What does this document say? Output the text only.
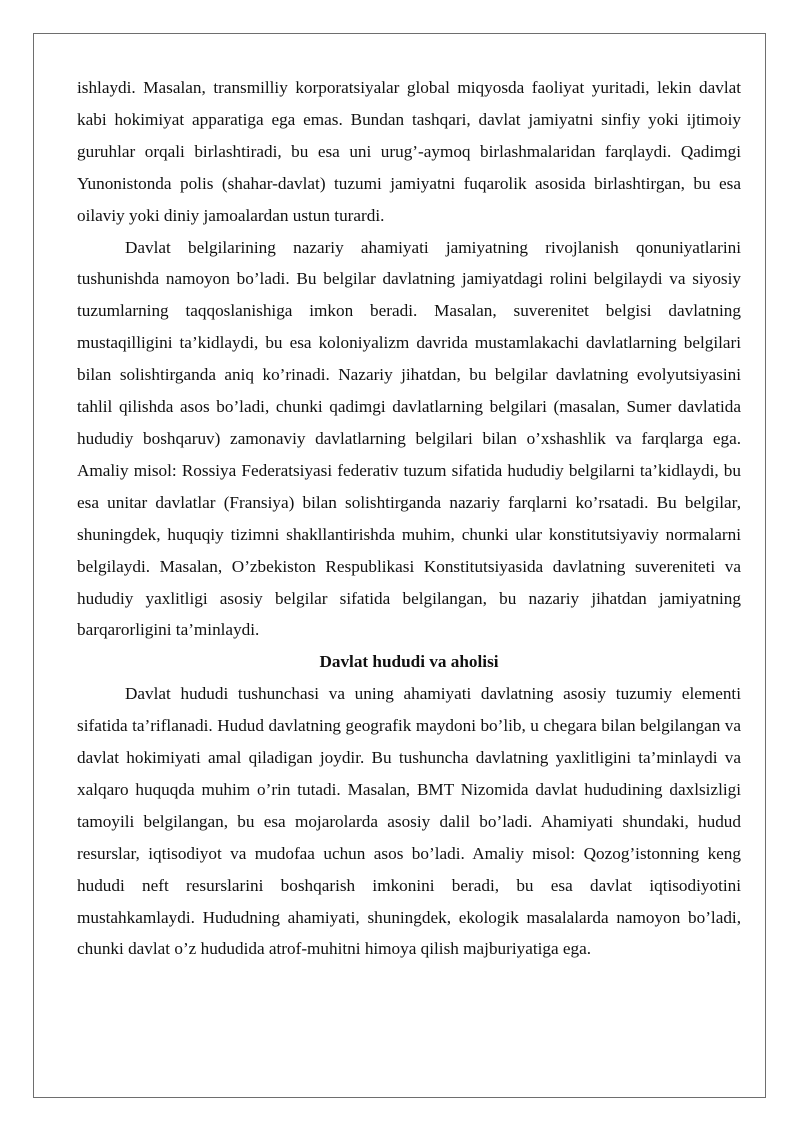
ishlaydi. Masalan, transmilliy korporatsiyalar global miqyosda faoliyat yuritadi, lekin davlat kabi hokimiyat apparatiga ega emas. Bundan tashqari, davlat jamiyatni sinfiy yoki ijtimoiy guruhlar orqali birlashtiradi, bu esa uni urug’-aymoq birlashmalaridan farqlaydi. Qadimgi Yunonistonda polis (shahar-davlat) tuzumi jamiyatni fuqarolik asosida birlashtirgan, bu esa oilaviy yoki diniy jamoalardan ustun turardi.

Davlat belgilarining nazariy ahamiyati jamiyatning rivojlanish qonuniyatlarini tushunishda namoyon bo’ladi. Bu belgilar davlatning jamiyatdagi rolini belgilaydi va siyosiy tuzumlarning taqqoslanishiga imkon beradi. Masalan, suverenitet belgisi davlatning mustaqilligini ta’kidlaydi, bu esa koloniyalizm davrida mustamlakachi davlatlarning belgilari bilan solishtirganda aniq ko’rinadi. Nazariy jihatdan, bu belgilar davlatning evolyutsiyasini tahlil qilishda asos bo’ladi, chunki qadimgi davlatlarning belgilari (masalan, Sumer davlatida hududiy boshqaruv) zamonaviy davlatlarning belgilari bilan o’xshashlik va farqlarga ega. Amaliy misol: Rossiya Federatsiyasi federativ tuzum sifatida hududiy belgilarni ta’kidlaydi, bu esa unitar davlatlar (Fransiya) bilan solishtirganda nazariy farqlarni ko’rsatadi. Bu belgilar, shuningdek, huquqiy tizimni shakllantirishda muhim, chunki ular konstitutsiyaviy normalarni belgilaydi. Masalan, O’zbekiston Respublikasi Konstitutsiyasida davlatning suvereniteti va hududiy yaxlitligi asosiy belgilar sifatida belgilangan, bu nazariy jihatdan jamiyatning barqarorligini ta’minlaydi.

Davlat hududi va aholisi

Davlat hududi tushunchasi va uning ahamiyati davlatning asosiy tuzumiy elementi sifatida ta’riflanadi. Hudud davlatning geografik maydoni bo’lib, u chegara bilan belgilangan va davlat hokimiyati amal qiladigan joydir. Bu tushuncha davlatning yaxlitligini ta’minlaydi va xalqaro huquqda muhim o’rin tutadi. Masalan, BMT Nizomida davlat hududining daxlsizligi tamoyili belgilangan, bu esa mojarolarda asosiy dalil bo’ladi. Ahamiyati shundaki, hudud resurslar, iqtisodiyot va mudofaa uchun asos bo’ladi. Amaliy misol: Qozog’istonning keng hududi neft resurslarini boshqarish imkonini beradi, bu esa davlat iqtisodiyotini mustahkamlaydi. Hududning ahamiyati, shuningdek, ekologik masalalarda namoyon bo’ladi, chunki davlat o’z hududida atrof-muhitni himoya qilish majburiyatiga ega.
